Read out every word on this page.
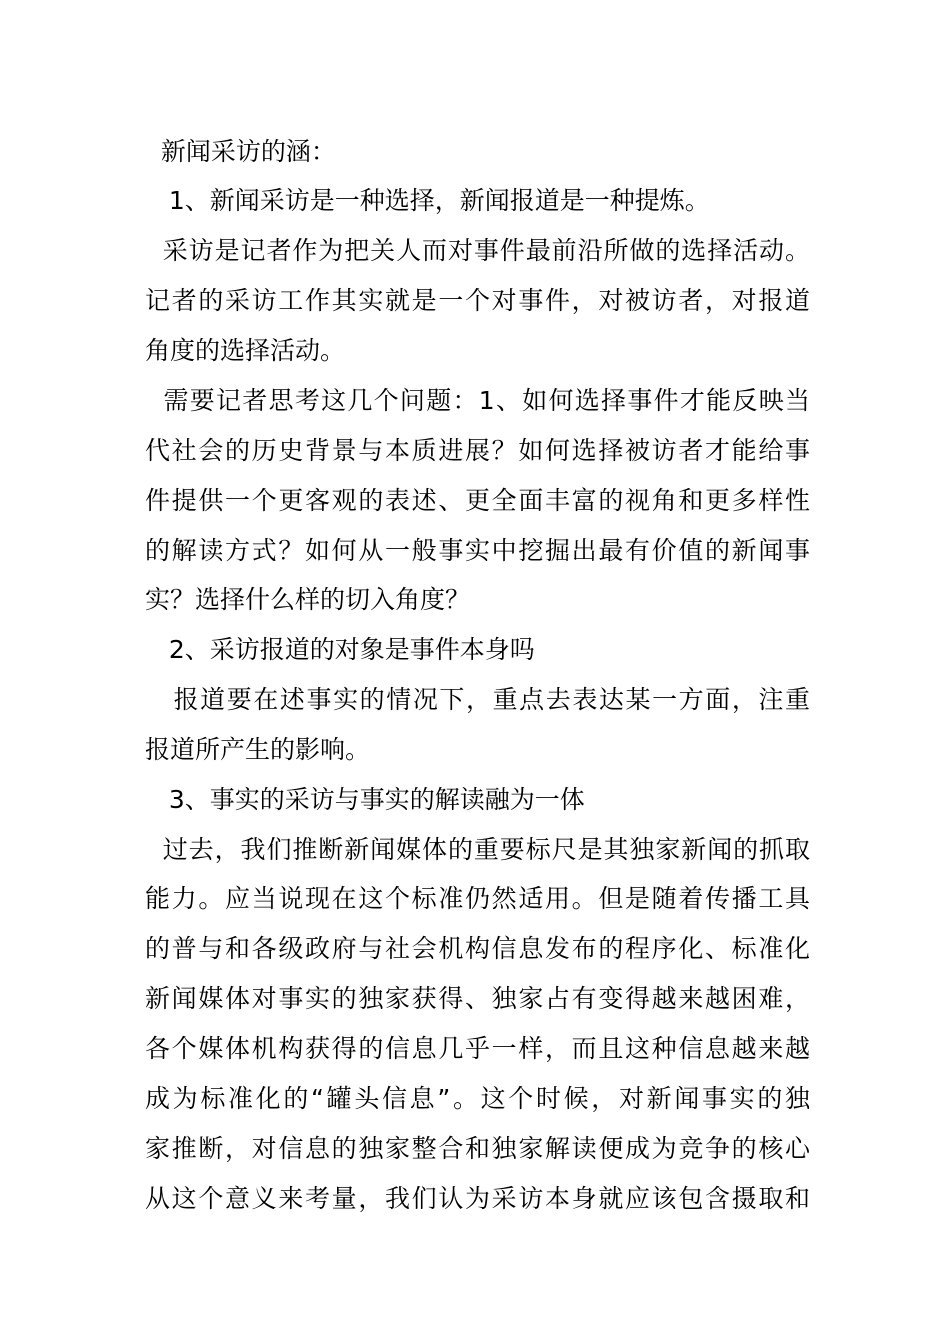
新闻采访的涵：
1、新闻采访是一种选择，新闻报道是一种提炼。
采访是记者作为把关人而对事件最前沿所做的选择活动。
记者的采访工作其实就是一个对事件，对被访者，对报道
角度的选择活动。
需要记者思考这几个问题：1、如何选择事件才能反映当
代社会的历史背景与本质进展？如何选择被访者才能给事
件提供一个更客观的表述、更全面丰富的视角和更多样性
的解读方式？如何从一般事实中挖掘出最有价值的新闻事
实？选择什么样的切入角度？
2、采访报道的对象是事件本身吗
报道要在述事实的情况下，重点去表达某一方面，注重
报道所产生的影响。
3、事实的采访与事实的解读融为一体
过去，我们推断新闻媒体的重要标尺是其独家新闻的抓取
能力。应当说现在这个标准仍然适用。但是随着传播工具
的普与和各级政府与社会机构信息发布的程序化、标准化
新闻媒体对事实的独家获得、独家占有变得越来越困难，
各个媒体机构获得的信息几乎一样，而且这种信息越来越
成为标准化的“罐头信息”。这个时候，对新闻事实的独
家推断，对信息的独家整合和独家解读便成为竞争的核心
从这个意义来考量，我们认为采访本身就应该包含摄取和
